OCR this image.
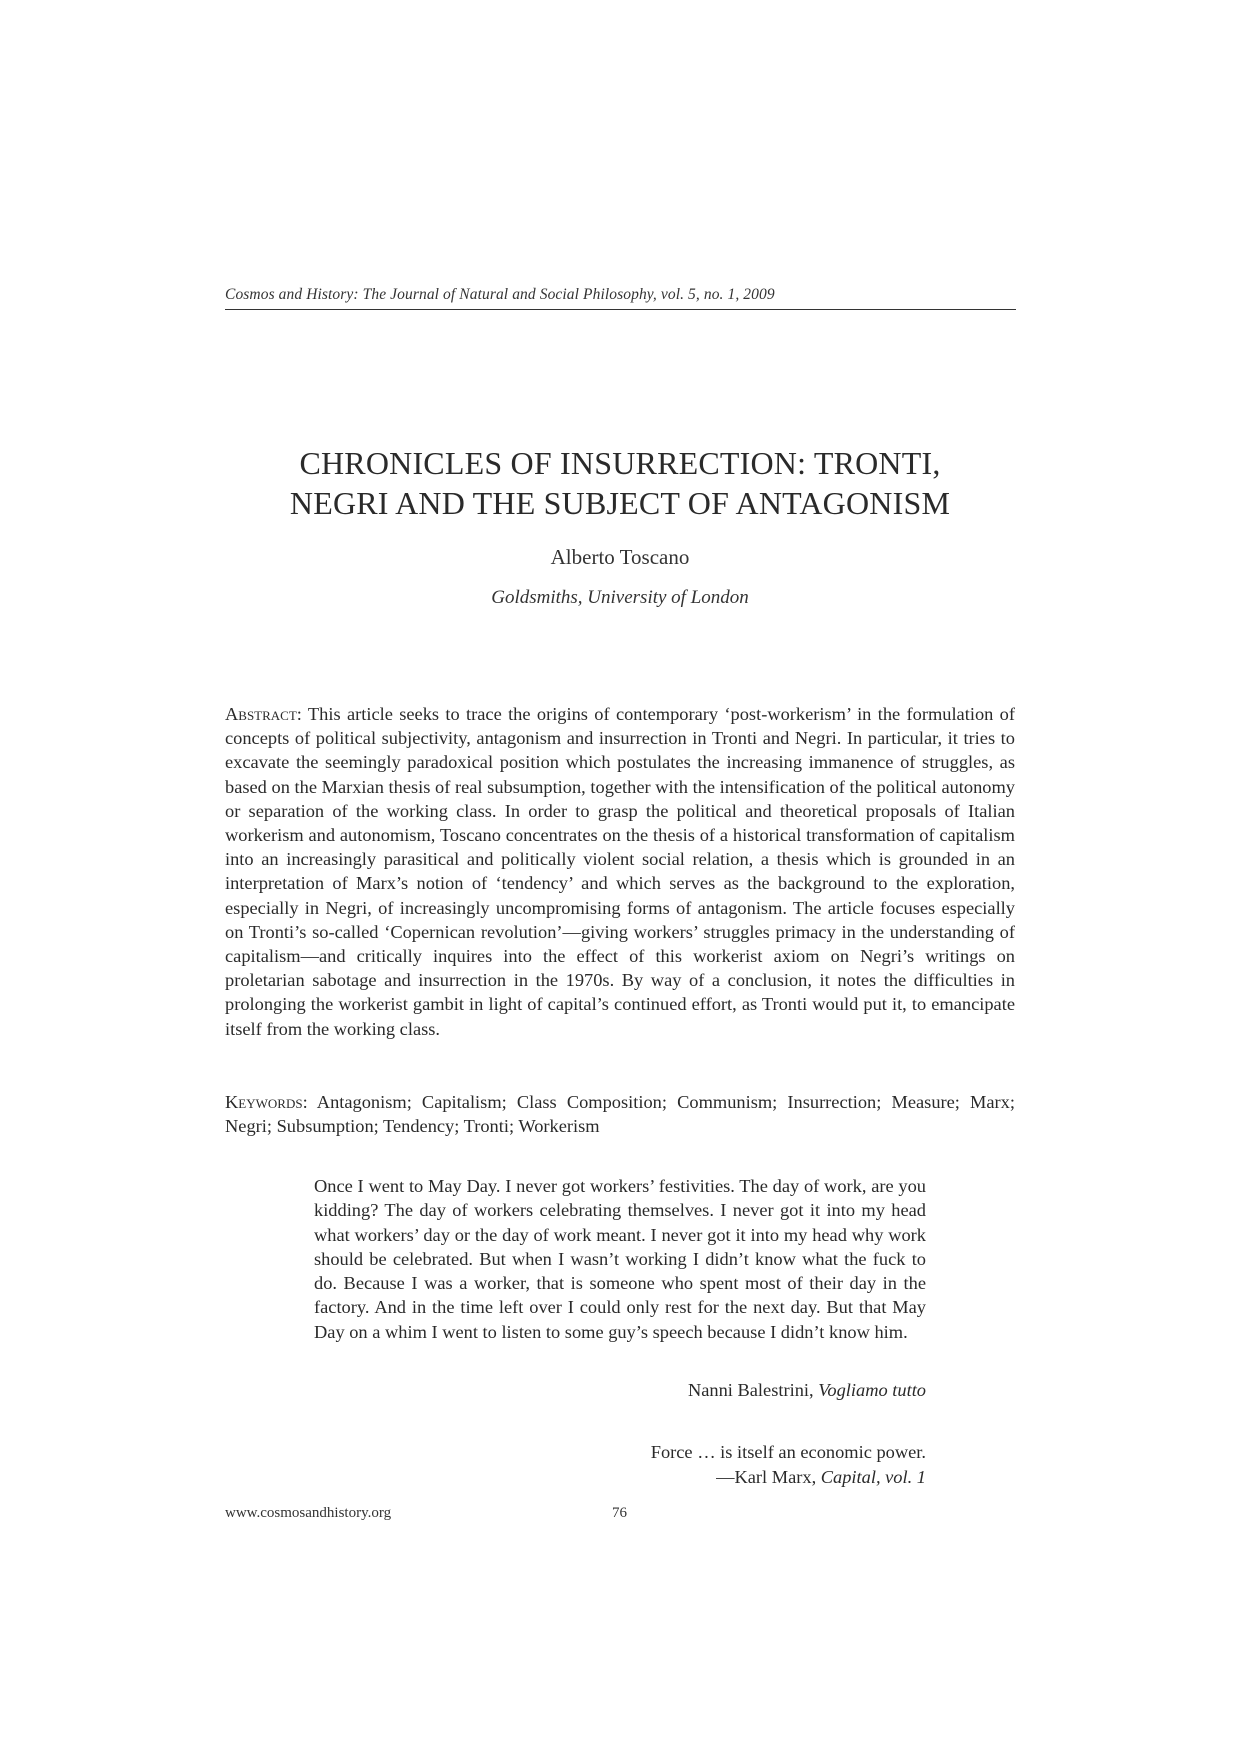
Cosmos and History: The Journal of Natural and Social Philosophy, vol. 5, no. 1, 2009
CHRONICLES OF INSURRECTION: TRONTI,
NEGRI AND THE SUBJECT OF ANTAGONISM
Alberto Toscano
Goldsmiths, University of London

Abstract: This article seeks to trace the origins of contemporary ‘post-workerism’ in the formulation of concepts of political subjectivity, antagonism and insurrection in Tronti and Negri. In particular, it tries to excavate the seemingly paradoxical position which postulates the increasing immanence of struggles, as based on the Marxian thesis of real subsumption, together with the intensification of the political autonomy or separation of the working class. In order to grasp the political and theoretical proposals of Italian workerism and autonomism, Toscano concentrates on the thesis of a historical transformation of capitalism into an increasingly parasitical and politically violent social relation, a thesis which is grounded in an interpretation of Marx’s notion of ‘tendency’ and which serves as the background to the exploration, especially in Negri, of increasingly uncompromising forms of antagonism. The article focuses especially on Tronti’s so-called ‘Copernican revolution’—giving workers’ struggles primacy in the understanding of capitalism—and critically inquires into the effect of this workerist axiom on Negri’s writings on proletarian sabotage and insurrection in the 1970s. By way of a conclusion, it notes the difficulties in prolonging the workerist gambit in light of capital’s continued effort, as Tronti would put it, to emancipate itself from the working class.

Keywords: Antagonism; Capitalism; Class Composition; Communism; Insurrection; Measure; Marx; Negri; Subsumption; Tendency; Tronti; Workerism

Once I went to May Day. I never got workers’ festivities. The day of work, are you kidding? The day of workers celebrating themselves. I never got it into my head what workers’ day or the day of work meant. I never got it into my head why work should be celebrated. But when I wasn’t working I didn’t know what the fuck to do. Because I was a worker, that is someone who spent most of their day in the factory. And in the time left over I could only rest for the next day. But that May Day on a whim I went to listen to some guy’s speech because I didn’t know him.

Nanni Balestrini, Vogliamo tutto
Force … is itself an economic power.
—Karl Marx, Capital, vol. 1
www.cosmosandhistory.org	76
